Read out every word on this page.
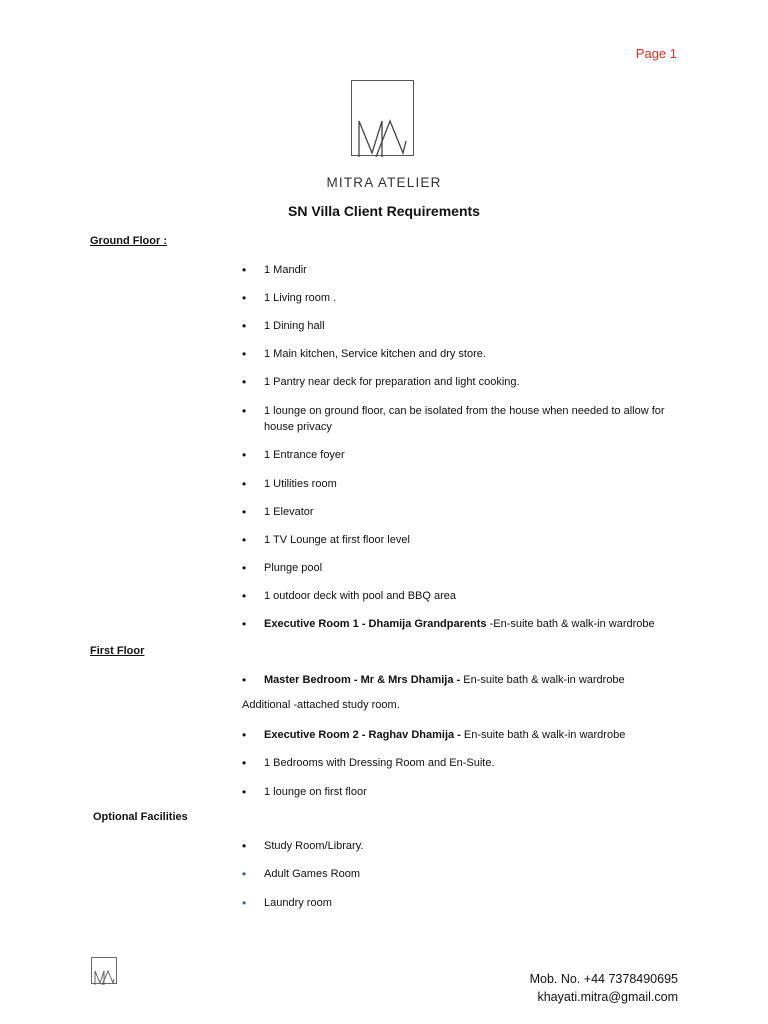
Page 1
MITRA ATELIER
SN Villa Client Requirements
Ground Floor :
• 1 Mandir
• 1 Living room .
• 1 Dining hall
• 1 Main kitchen, Service kitchen and dry store.
• 1 Pantry near deck for preparation and light cooking.
• 1 lounge on ground floor, can be isolated from the house when needed to allow for house privacy
• 1 Entrance foyer
• 1 Utilities room
• 1 Elevator
• 1 TV Lounge at first floor level
• Plunge pool
• 1 outdoor deck with pool and BBQ area
• Executive Room 1 - Dhamija Grandparents -En-suite bath & walk-in wardrobe
First Floor
• Master Bedroom - Mr & Mrs Dhamija - En-suite bath & walk-in wardrobe
Additional -attached study room.
• Executive Room 2 - Raghav Dhamija - En-suite bath & walk-in wardrobe
• 1 Bedrooms with Dressing Room and En-Suite.
• 1 lounge on first floor
Optional Facilities
• Study Room/Library.
• Adult Games Room
• Laundry room
Mob. No. +44 7378490695
khayati.mitra@gmail.com
